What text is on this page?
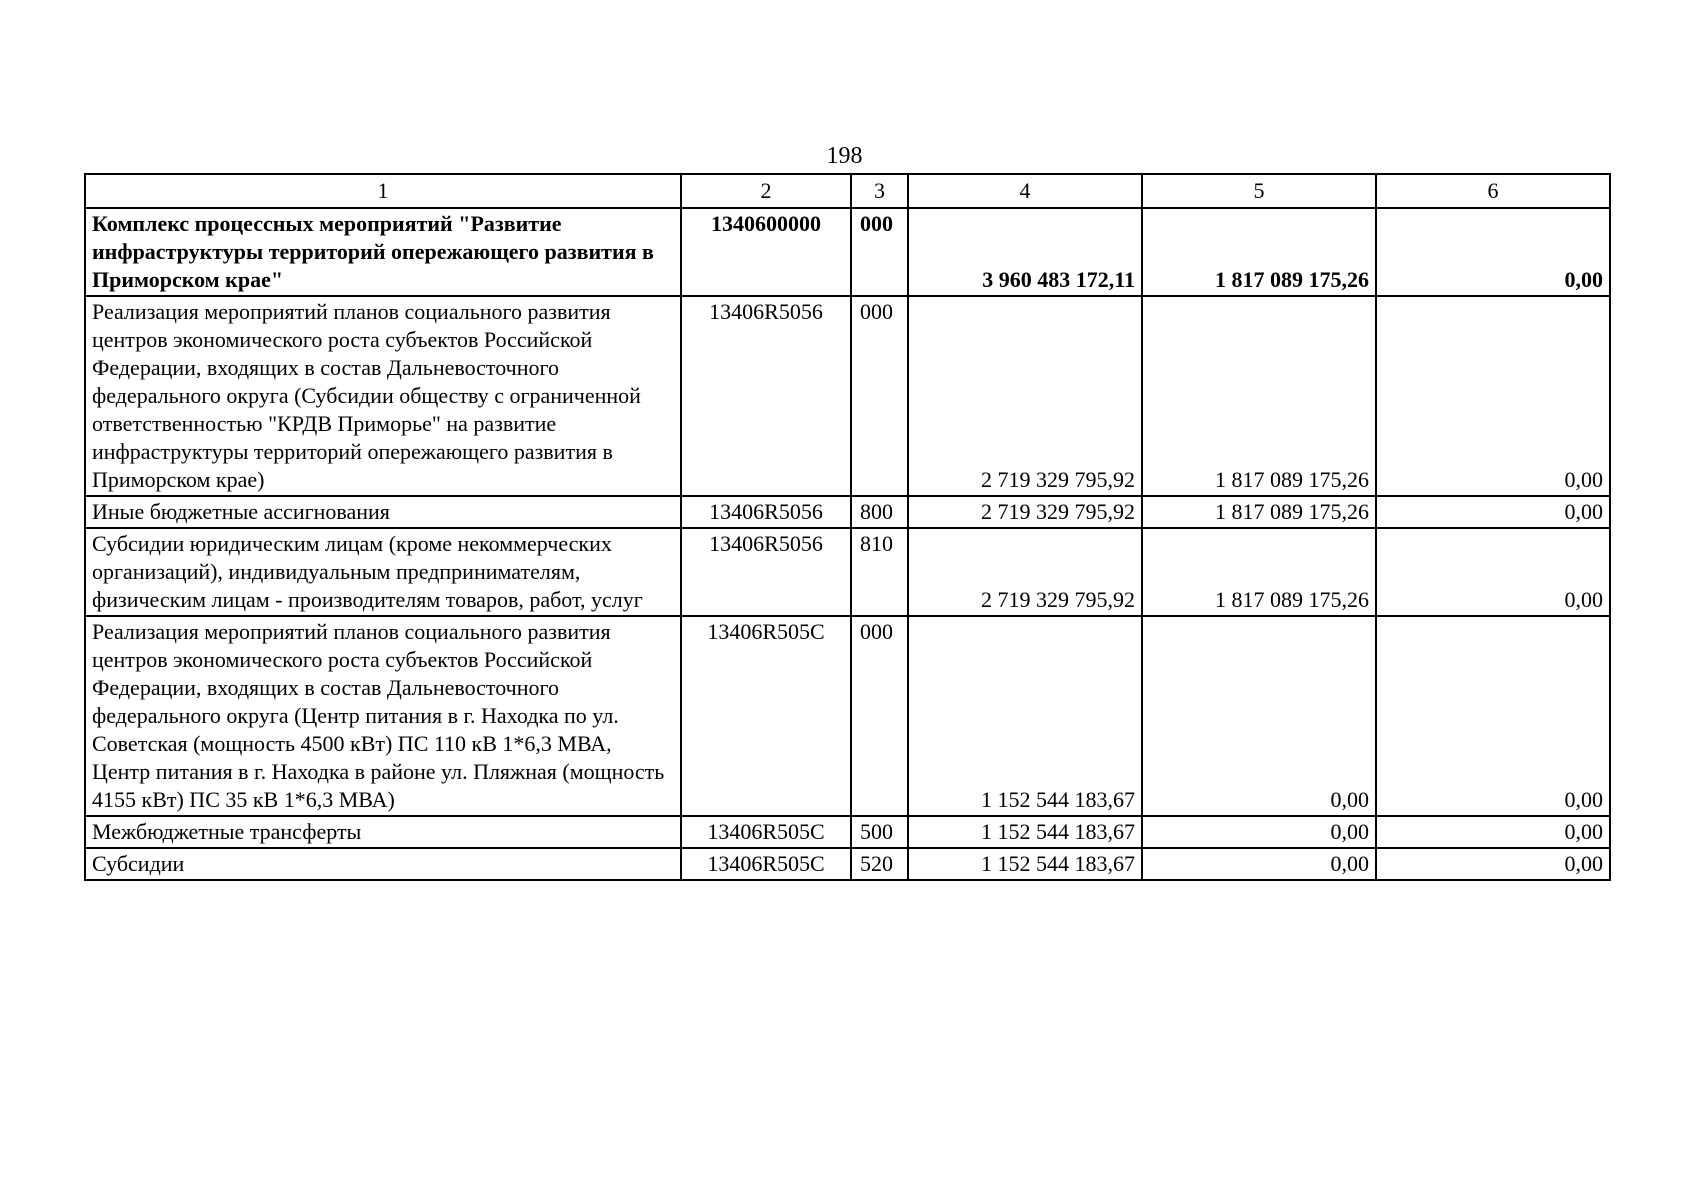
198
1	2	3	4	5	6
Комплекс процессных мероприятий "Развитие инфраструктуры территорий опережающего развития в Приморском крае"	1340600000	000	3 960 483 172,11	1 817 089 175,26	0,00
Реализация мероприятий планов социального развития центров экономического роста субъектов Российской Федерации, входящих в состав Дальневосточного федерального округа (Субсидии обществу с ограниченной ответственностью "КРДВ Приморье" на развитие инфраструктуры территорий опережающего развития в Приморском крае)	13406R5056	000	2 719 329 795,92	1 817 089 175,26	0,00
Иные бюджетные ассигнования	13406R5056	800	2 719 329 795,92	1 817 089 175,26	0,00
Субсидии юридическим лицам (кроме некоммерческих организаций), индивидуальным предпринимателям, физическим лицам - производителям товаров, работ, услуг	13406R5056	810	2 719 329 795,92	1 817 089 175,26	0,00
Реализация мероприятий планов социального развития центров экономического роста субъектов Российской Федерации, входящих в состав Дальневосточного федерального округа (Центр питания в г. Находка по ул. Советская (мощность 4500 кВт) ПС 110 кВ 1*6,3 МВА, Центр питания в г. Находка в районе ул. Пляжная (мощность 4155 кВт) ПС 35 кВ 1*6,3 МВА)	13406R505C	000	1 152 544 183,67	0,00	0,00
Межбюджетные трансферты	13406R505C	500	1 152 544 183,67	0,00	0,00
Субсидии	13406R505C	520	1 152 544 183,67	0,00	0,00
